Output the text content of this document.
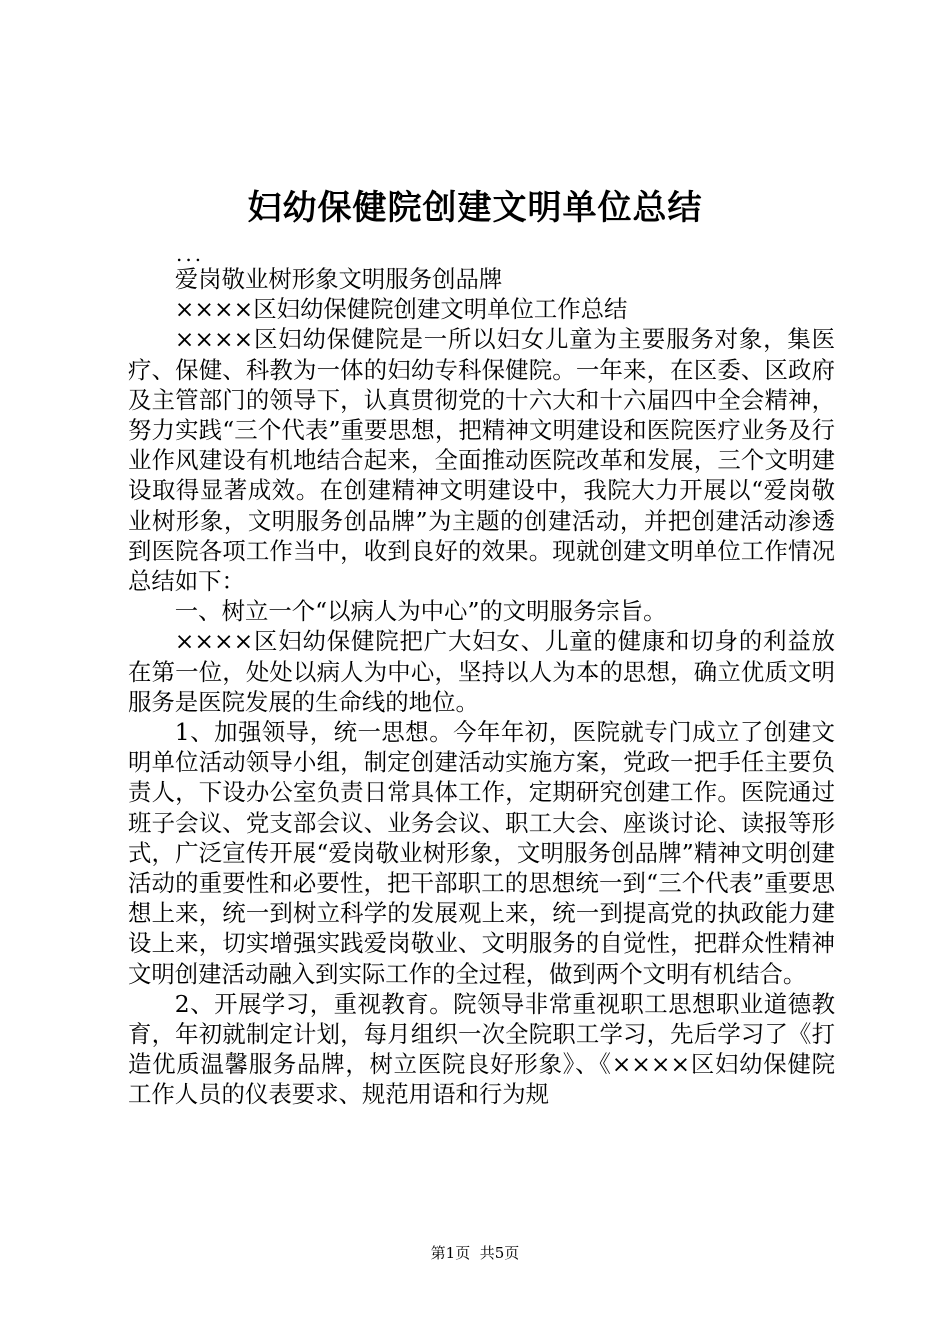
妇幼保健院创建文明单位总结
...

爱岗敬业树形象文明服务创品牌

××××区妇幼保健院创建文明单位工作总结

××××区妇幼保健院是一所以妇女儿童为主要服务对象，集医疗、保健、科教为一体的妇幼专科保健院。一年来，在区委、区政府及主管部门的领导下，认真贯彻党的十六大和十六届四中全会精神，努力实践“三个代表”重要思想，把精神文明建设和医院医疗业务及行业作风建设有机地结合起来，全面推动医院改革和发展，三个文明建设取得显著成效。在创建精神文明建设中，我院大力开展以“爱岗敬业树形象，文明服务创品牌”为主题的创建活动，并把创建活动渗透到医院各项工作当中，收到良好的效果。现就创建文明单位工作情况总结如下：

一、树立一个“以病人为中心”的文明服务宗旨。

××××区妇幼保健院把广大妇女、儿童的健康和切身的利益放在第一位，处处以病人为中心，坚持以人为本的思想，确立优质文明服务是医院发展的生命线的地位。

1、加强领导，统一思想。今年年初，医院就专门成立了创建文明单位活动领导小组，制定创建活动实施方案，党政一把手任主要负责人，下设办公室负责日常具体工作，定期研究创建工作。医院通过班子会议、党支部会议、业务会议、职工大会、座谈讨论、读报等形式，广泛宣传开展“爱岗敬业树形象，文明服务创品牌”精神文明创建活动的重要性和必要性，把干部职工的思想统一到“三个代表”重要思想上来，统一到树立科学的发展观上来，统一到提高党的执政能力建设上来，切实增强实践爱岗敬业、文明服务的自觉性，把群众性精神文明创建活动融入到实际工作的全过程，做到两个文明有机结合。

2、开展学习，重视教育。院领导非常重视职工思想职业道德教育，年初就制定计划，每月组织一次全院职工学习，先后学习了《打造优质温馨服务品牌，树立医院良好形象》、《××××区妇幼保健院工作人员的仪表要求、规范用语和行为规

第1页 共5页
